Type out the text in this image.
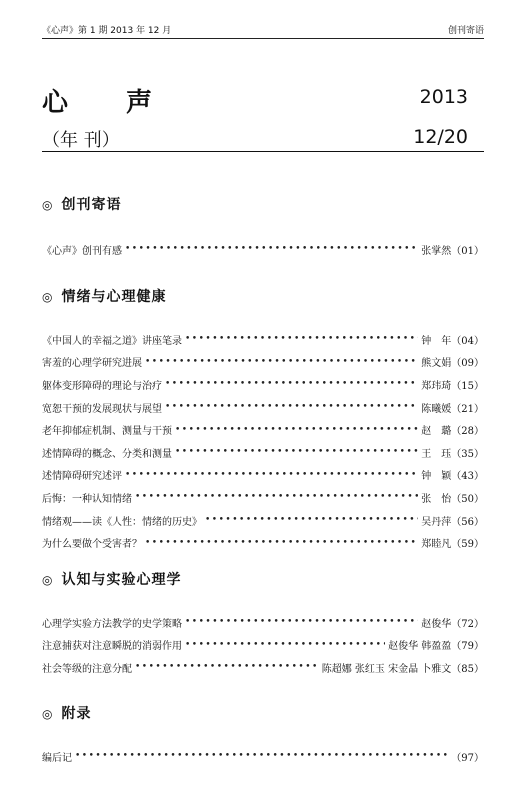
《心声》第 1 期 2013 年 12 月	创刊寄语
心　声	2013
（年 刊）	12/20
◎ 创刊寄语
《心声》创刊有感 •••••	张掌然 （01）
◎ 情绪与心理健康
《中国人的幸福之道》讲座笔录 •••••	钟　年 （04）
害羞的心理学研究进展 •••••	熊文娟 （09）
躯体变形障碍的理论与治疗 •••••	郑玮琦 （15）
宽恕干预的发展现状与展望 •••••	陈曦媛 （21）
老年抑郁症机制、测量与干预 •••••	赵　璐 （28）
述情障碍的概念、分类和测量 •••••	王　珏 （35）
述情障碍研究述评 •••••	钟　颖 （43）
后悔：一种认知情绪 •••••	张　怡 （50）
情绪观——读《人性：情绪的历史》 •••••	吴丹萍 （56）
为什么要做个受害者？ •••••	郑睦凡 （59）
◎ 认知与实验心理学
心理学实验方法教学的史学策略 •••••	赵俊华 （72）
注意捕获对注意瞬脱的消弱作用 •••••	赵俊华 韩盈盈 （79）
社会等级的注意分配 •••••	陈超娜 张红玉 宋金晶 卜雅文 （85）
◎ 附录
编后记 •••••	（97）
